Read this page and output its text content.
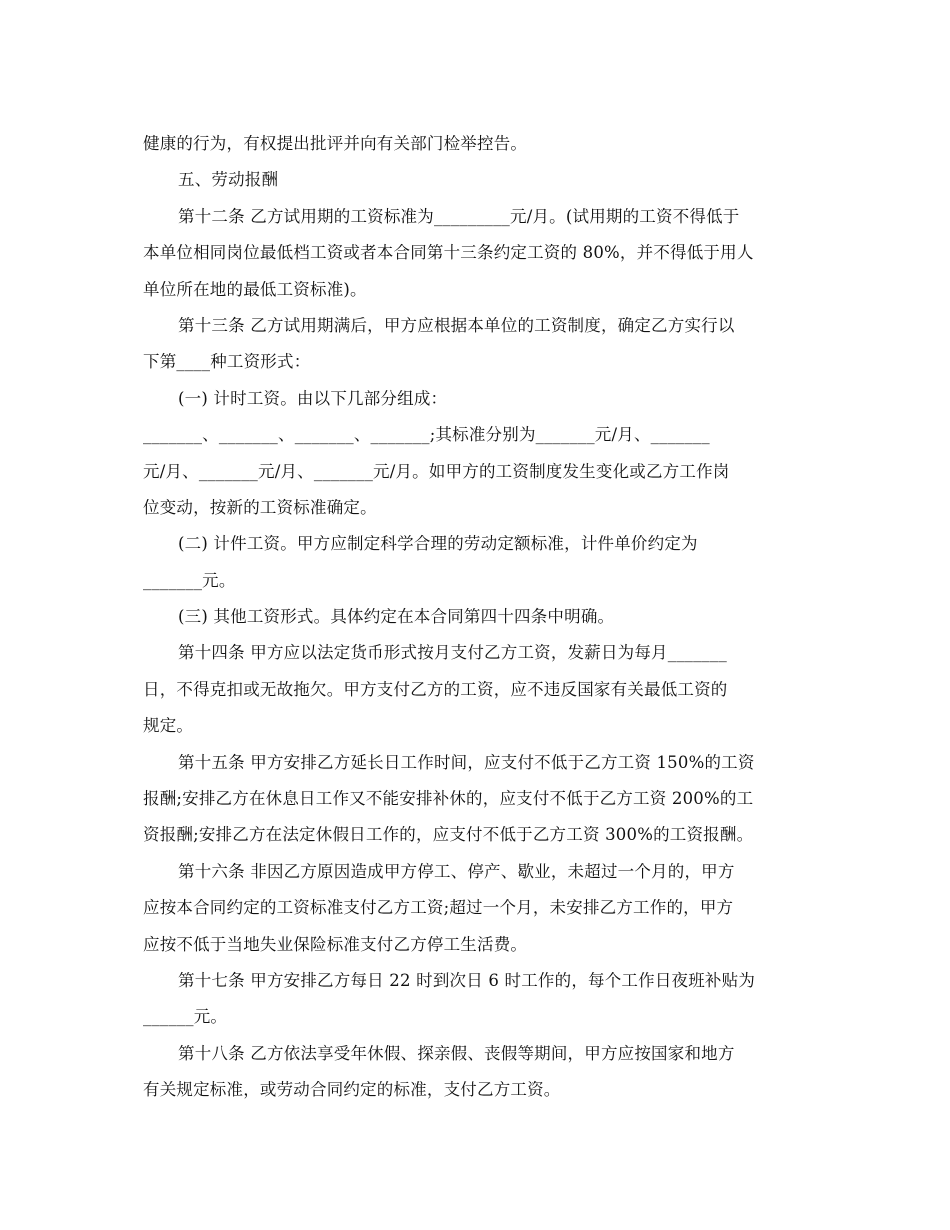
健康的行为，有权提出批评并向有关部门检举控告。
五、劳动报酬
第十二条 乙方试用期的工资标准为_________元/月。(试用期的工资不得低于
本单位相同岗位最低档工资或者本合同第十三条约定工资的 80%，并不得低于用人
单位所在地的最低工资标准)。
第十三条 乙方试用期满后，甲方应根据本单位的工资制度，确定乙方实行以
下第____种工资形式：
(一) 计时工资。由以下几部分组成：
_______、_______、_______、_______;其标准分别为_______元/月、_______
元/月、_______元/月、_______元/月。如甲方的工资制度发生变化或乙方工作岗
位变动，按新的工资标准确定。
(二) 计件工资。甲方应制定科学合理的劳动定额标准，计件单价约定为
_______元。
(三) 其他工资形式。具体约定在本合同第四十四条中明确。
第十四条 甲方应以法定货币形式按月支付乙方工资，发薪日为每月_______
日，不得克扣或无故拖欠。甲方支付乙方的工资，应不违反国家有关最低工资的
规定。
第十五条 甲方安排乙方延长日工作时间，应支付不低于乙方工资 150%的工资
报酬;安排乙方在休息日工作又不能安排补休的，应支付不低于乙方工资 200%的工
资报酬;安排乙方在法定休假日工作的，应支付不低于乙方工资 300%的工资报酬。
第十六条 非因乙方原因造成甲方停工、停产、歇业，未超过一个月的，甲方
应按本合同约定的工资标准支付乙方工资;超过一个月，未安排乙方工作的，甲方
应按不低于当地失业保险标准支付乙方停工生活费。
第十七条 甲方安排乙方每日 22 时到次日 6 时工作的，每个工作日夜班补贴为
______元。
第十八条 乙方依法享受年休假、探亲假、丧假等期间，甲方应按国家和地方
有关规定标准，或劳动合同约定的标准，支付乙方工资。
